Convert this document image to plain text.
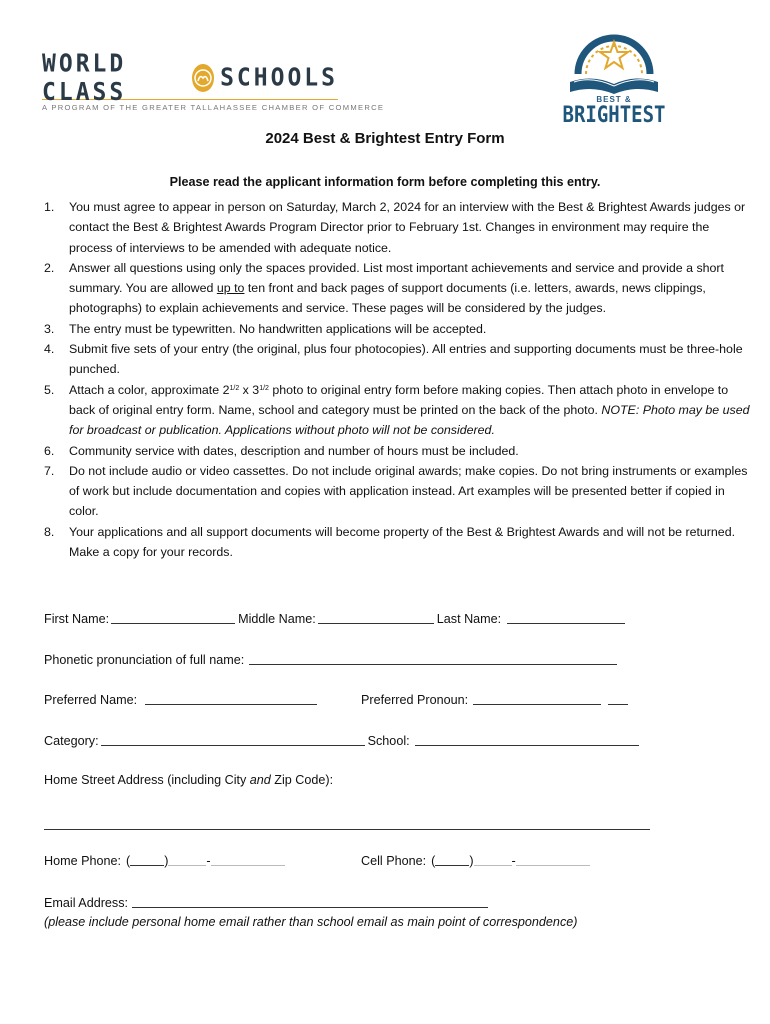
WORLD CLASS	SCHOOLS
A PROGRAM OF THE GREATER TALLAHASSEE CHAMBER OF COMMERCE
BEST &
BRIGHTEST
2024 Best & Brightest Entry Form
Please read the applicant information form before completing this entry.
1. You must agree to appear in person on Saturday, March 2, 2024 for an interview with the Best & Brightest Awards judges or contact the Best & Brightest Awards Program Director prior to February 1st. Changes in environment may require the process of interviews to be amended with adequate notice.
2. Answer all questions using only the spaces provided. List most important achievements and service and provide a short summary. You are allowed up to ten front and back pages of support documents (i.e. letters, awards, news clippings, photographs) to explain achievements and service. These pages will be considered by the judges.
3. The entry must be typewritten. No handwritten applications will be accepted.
4. Submit five sets of your entry (the original, plus four photocopies). All entries and supporting documents must be three-hole punched.
5. Attach a color, approximate $2^{1/2}$ x $3^{1/2}$ photo to original entry form before making copies. Then attach photo in envelope to back of original entry form. Name, school and category must be printed on the back of the photo. NOTE: Photo may be used for broadcast or publication. Applications without photo will not be considered.
6. Community service with dates, description and number of hours must be included.
7. Do not include audio or video cassettes. Do not include original awards; make copies. Do not bring instruments or examples of work but include documentation and copies with application instead. Art examples will be presented better if copied in color.
8. Your applications and all support documents will become property of the Best & Brightest Awards and will not be returned. Make a copy for your records.
First Name:	Middle Name:	Last Name:
Phonetic pronunciation of full name:
Preferred Name:	Preferred Pronoun:
Category:	School:
Home Street Address (including City and Zip Code):
Home Phone: (	)	-	Cell Phone: (	)	-
Email Address:
(please include personal home email rather than school email as main point of correspondence)
